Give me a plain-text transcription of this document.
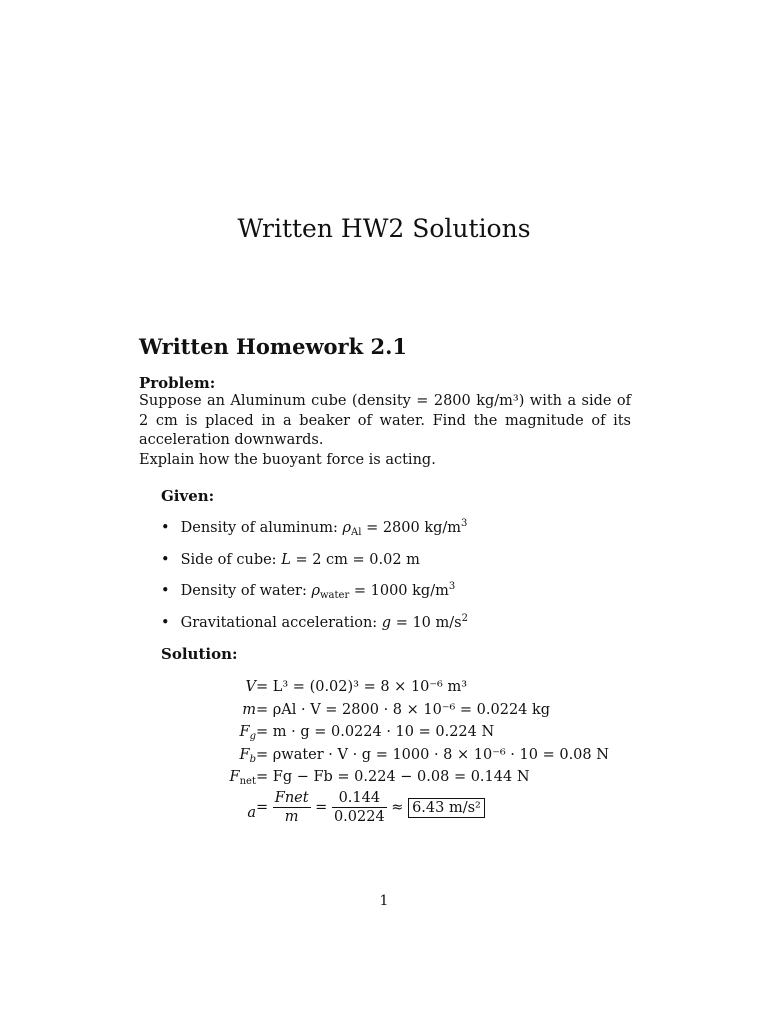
Written HW2 Solutions
Written Homework 2.1
Problem:

Suppose an Aluminum cube (density = 2800 kg/m³) with a side of 2 cm is placed in a beaker of water. Find the magnitude of its acceleration downwards.

Explain how the buoyant force is acting.

Given:
• Density of aluminum: $\rho_{Al} = 2800$ $kg/m^3$
• Side of cube: L = 2 cm = 0.02 m
• Density of water: $\rho_{water} = 1000$ $kg/m^3$
• Gravitational acceleration: g = 10 $m/s^2$
Solution:
V = L³ = (0.02)³ = 8 × 10⁻⁶ m³
m = ρAl · V = 2800 · 8 × 10⁻⁶ = 0.0224 kg
$F_g = m \cdot g = 0.0224 \cdot 10 = 0.224$ N
$F_b$ = ρwater · V · g = 1000 · 8 × 10⁻⁶ · 10 = 0.08 N
$F_{net} = Fg - Fb = 0.224 - 0.08 = 0.144$ N
$a = \frac{\text{Fnet}}{m} = \frac{0.144}{0.0224} \approx 6.43$ m/s²
1
